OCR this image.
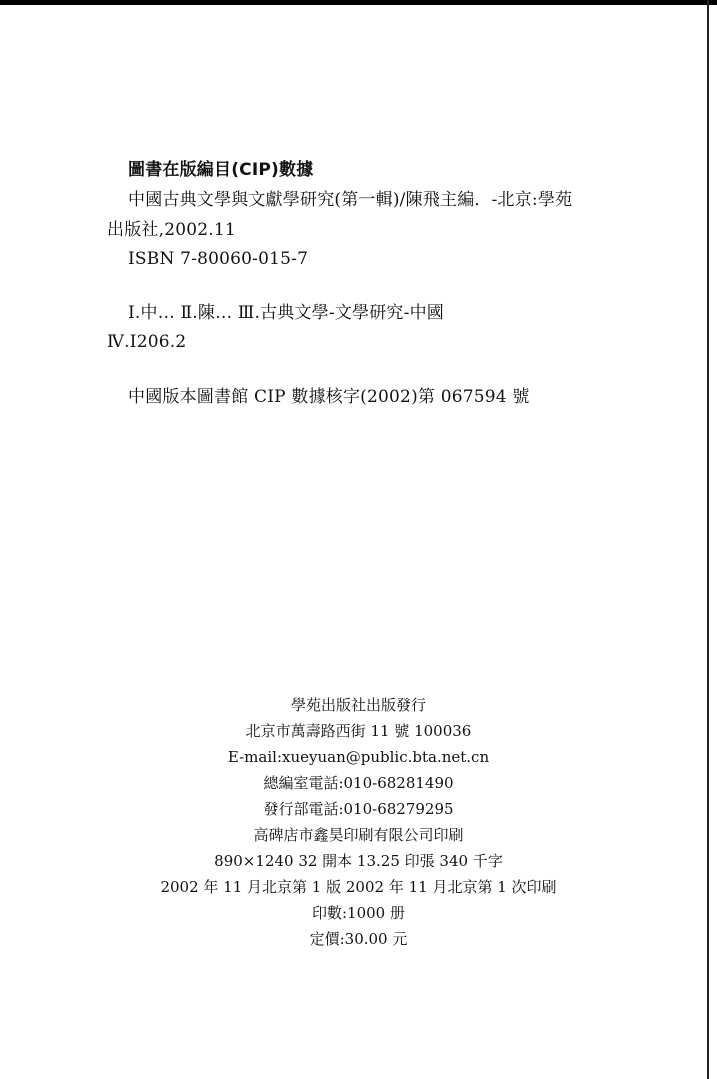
圖書在版編目(CIP)數據
中國古典文學與文獻學研究(第一輯)/陳飛主編．-北京:學苑
出版社,2002.11
ISBN 7-80060-015-7
Ⅰ.中… Ⅱ.陳… Ⅲ.古典文學-文學研究-中國
Ⅳ.I206.2
中國版本圖書館 CIP 數據核字(2002)第 067594 號
學苑出版社出版發行
北京市萬壽路西街 11 號 100036
E-mail:xueyuan@public.bta.net.cn
總編室電話:010-68281490
發行部電話:010-68279295
高碑店市鑫昊印刷有限公司印刷
890×1240 32 開本 13.25 印張 340 千字
2002 年 11 月北京第 1 版 2002 年 11 月北京第 1 次印刷
印數:1000 册
定價:30.00 元
